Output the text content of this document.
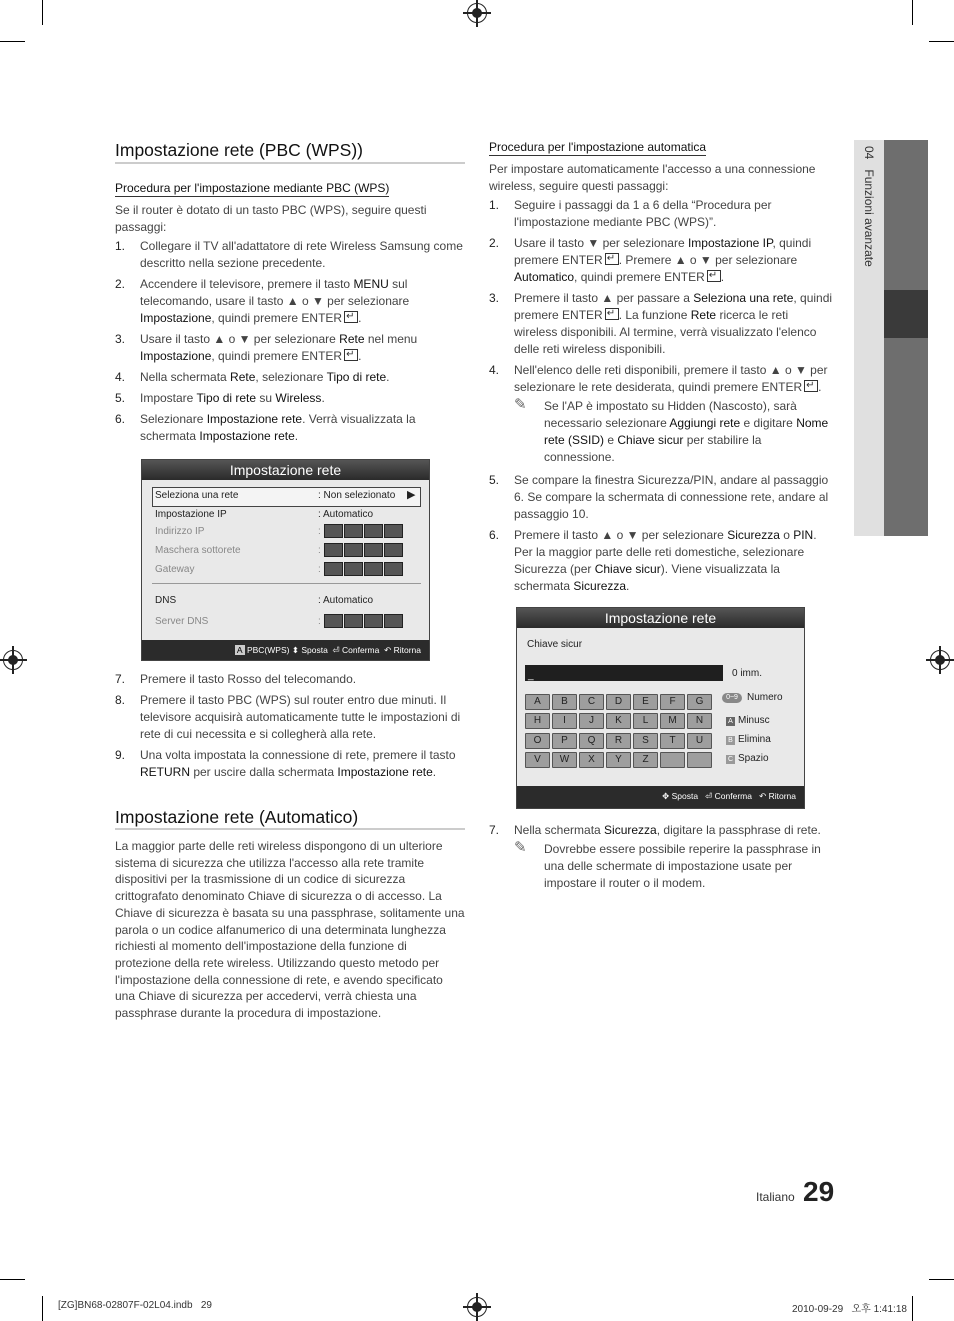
04   Funzioni avanzate
Impostazione rete (PBC (WPS))
Procedura per l'impostazione mediante PBC (WPS)

Se il router è dotato di un tasto PBC (WPS), seguire questi passaggi:

1. Collegare il TV all'adattatore di rete Wireless Samsung come descritto nella sezione precedente.
2. Accendere il televisore, premere il tasto MENU sul telecomando, usare il tasto ▲ o ▼ per selezionare Impostazione, quindi premere ENTER ↵ .
3. Usare il tasto ▲ o ▼ per selezionare Rete nel menu Impostazione, quindi premere ENTER ↵ .
4. Nella schermata Rete, selezionare Tipo di rete.
5. Impostare Tipo di rete su Wireless.
6. Selezionare Impostazione rete. Verrà visualizzata la schermata Impostazione rete.
Impostazione rete
Seleziona una rete	: Non selezionato ▶
Impostazione IP	: Automatico
Indirizzo IP	:
Maschera sottorete	:
Gateway	:
DNS	: Automatico
Server DNS	:
A PBC(WPS) ⬍ Sposta ⏎ Conferma ↶ Ritorna
7. Premere il tasto Rosso del telecomando.
8. Premere il tasto PBC (WPS) sul router entro due minuti. Il televisore acquisirà automaticamente tutte le impostazioni di rete di cui necessita e si collegherà alla rete.
9. Una volta impostata la connessione di rete, premere il tasto RETURN per uscire dalla schermata Impostazione rete.
Impostazione rete (Automatico)

La maggior parte delle reti wireless dispongono di un ulteriore sistema di sicurezza che utilizza l'accesso alla rete tramite dispositivi per la trasmissione di un codice di sicurezza crittografato denominato Chiave di sicurezza o di accesso. La Chiave di sicurezza è basata su una passphrase, solitamente una parola o un codice alfanumerico di una determinata lunghezza richiesti al momento dell'impostazione della funzione di protezione della rete wireless. Utilizzando questo metodo per l'impostazione della connessione di rete, e avendo specificato una Chiave di sicurezza per accedervi, verrà chiesta una passphrase durante la procedura di impostazione.

Procedura per l'impostazione automatica

Per impostare automaticamente l'accesso a una connessione wireless, seguire questi passaggi:

1. Seguire i passaggi da 1 a 6 della “Procedura per l'impostazione mediante PBC (WPS)”.
2. Usare il tasto ▼ per selezionare Impostazione IP, quindi premere ENTER ↵ . Premere ▲ o ▼ per selezionare Automatico, quindi premere ENTER ↵ .
3. Premere il tasto ▲ per passare a Seleziona una rete, quindi premere ENTER ↵ . La funzione Rete ricerca le reti wireless disponibili. Al termine, verrà visualizzato l'elenco delle reti wireless disponibili.
4. Nell'elenco delle reti disponibili, premere il tasto ▲ o ▼ per selezionare le rete desiderata, quindi premere ENTER ↵ .
✎ Se l'AP è impostato su Hidden (Nascosto), sarà necessario selezionare Aggiungi rete e digitare Nome rete (SSID) e Chiave sicur per stabilire la connessione.
5. Se compare la finestra Sicurezza/PIN, andare al passaggio 6. Se compare la schermata di connessione rete, andare al passaggio 10.
6. Premere il tasto ▲ o ▼ per selezionare Sicurezza o PIN. Per la maggior parte delle reti domestiche, selezionare Sicurezza (per Chiave sicur). Viene visualizzata la schermata Sicurezza.
Impostazione rete
Chiave sicur
_	0 imm.
A	B	C	D	E	F	G
H	I	J	K	L	M	N
O	P	Q	R	S	T	U
V	W	X	Y	Z
0~9 Numero
A Minusc
B Elimina
C Spazio
✥ Sposta ⏎ Conferma ↶ Ritorna
7. Nella schermata Sicurezza, digitare la passphrase di rete.
✎ Dovrebbe essere possibile reperire la passphrase in una delle schermate di impostazione usate per impostare il router o il modem.
Italiano 29
[ZG]BN68-02807F-02L04.indb   29	2010-09-29   오후 1:41:18
